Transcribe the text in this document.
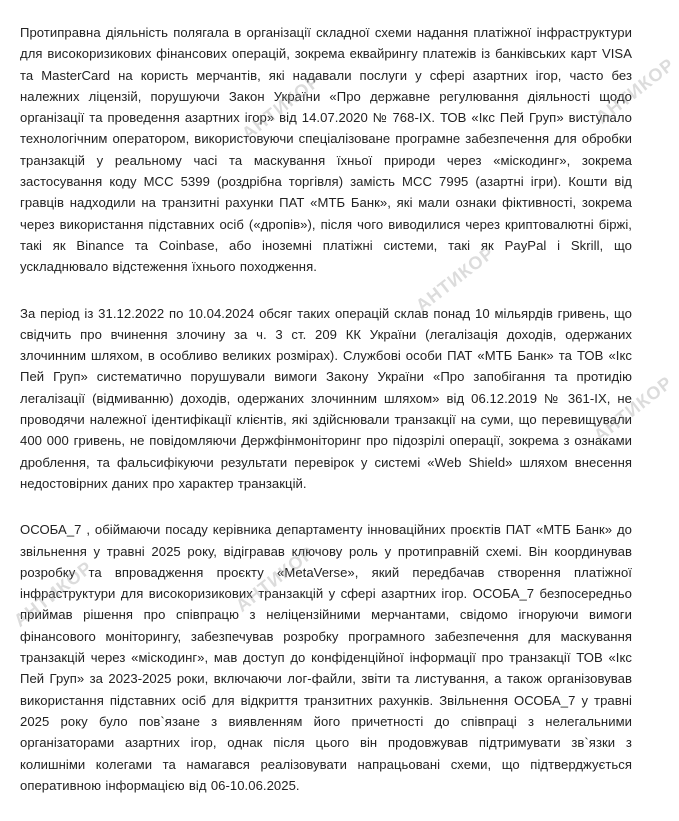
Протиправна діяльність полягала в організації складної схеми надання платіжної інфраструктури для високоризикових фінансових операцій, зокрема еквайрингу платежів із банківських карт VISA та MasterCard на користь мерчантів, які надавали послуги у сфері азартних ігор, часто без належних ліцензій, порушуючи Закон України «Про державне регулювання діяльності щодо організації та проведення азартних ігор» від 14.07.2020 № 768-IX. ТОВ «Ікс Пей Груп» виступало технологічним оператором, використовуючи спеціалізоване програмне забезпечення для обробки транзакцій у реальному часі та маскування їхньої природи через «міскодинг», зокрема застосування коду МСС 5399 (роздрібна торгівля) замість МСС 7995 (азартні ігри). Кошти від гравців надходили на транзитні рахунки ПАТ «МТБ Банк», які мали ознаки фіктивності, зокрема через використання підставних осіб («дропів»), після чого виводилися через криптовалютні біржі, такі як Binance та Coinbase, або іноземні платіжні системи, такі як PayPal і Skrill, що ускладнювало відстеження їхнього походження.

За період із 31.12.2022 по 10.04.2024 обсяг таких операцій склав понад 10 мільярдів гривень, що свідчить про вчинення злочину за ч. 3 ст. 209 КК України (легалізація доходів, одержаних злочинним шляхом, в особливо великих розмірах). Службові особи ПАТ «МТБ Банк» та ТОВ «Ікс Пей Груп» систематично порушували вимоги Закону України «Про запобігання та протидію легалізації (відмиванню) доходів, одержаних злочинним шляхом» від 06.12.2019 № 361-IX, не проводячи належної ідентифікації клієнтів, які здійснювали транзакції на суми, що перевищували 400 000 гривень, не повідомляючи Держфінмоніторинг про підозрілі операції, зокрема з ознаками дроблення, та фальсифікуючи результати перевірок у системі «Web Shield» шляхом внесення недостовірних даних про характер транзакцій.

ОСОБА_7 , обіймаючи посаду керівника департаменту інноваційних проєктів ПАТ «МТБ Банк» до звільнення у травні 2025 року, відігравав ключову роль у протиправній схемі. Він координував розробку та впровадження проєкту «MetaVerse», який передбачав створення платіжної інфраструктури для високоризикових транзакцій у сфері азартних ігор. ОСОБА_7 безпосередньо приймав рішення про співпрацю з неліцензійними мерчантами, свідомо ігноруючи вимоги фінансового моніторингу, забезпечував розробку програмного забезпечення для маскування транзакцій через «міскодинг», мав доступ до конфіденційної інформації про транзакції ТОВ «Ікс Пей Груп» за 2023-2025 роки, включаючи лог-файли, звіти та листування, а також організовував використання підставних осіб для відкриття транзитних рахунків. Звільнення ОСОБА_7 у травні 2025 року було пов`язане з виявленням його причетності до співпраці з нелегальними організаторами азартних ігор, однак після цього він продовжував підтримувати зв`язки з колишніми колегами та намагався реалізовувати напрацьовані схеми, що підтверджується оперативною інформацією від 06-10.06.2025.

АНТИКОР	АНТИКОР
АНТИКОР
АНТИКОР
АНТИКОР
АНТИКОР
